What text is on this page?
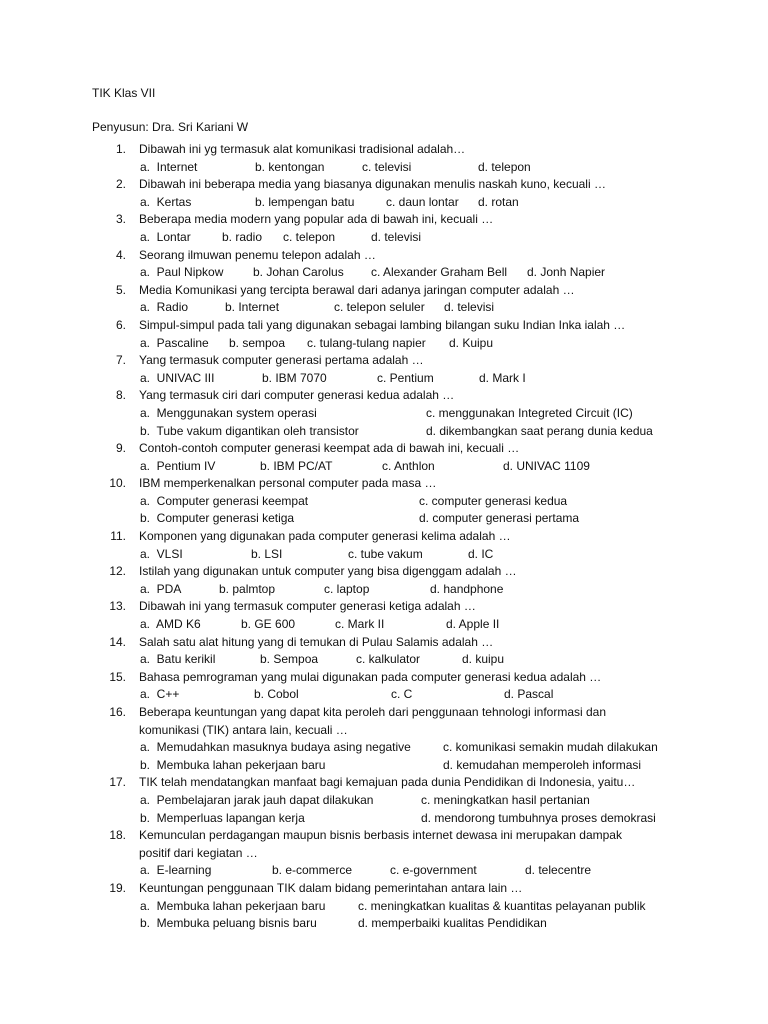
TIK Klas VII
Penyusun: Dra. Sri Kariani W
1. Dibawah ini yg termasuk alat komunikasi tradisional adalah…
a.  Internet	b. kentongan	c. televisi	d. telepon
2. Dibawah ini beberapa media yang biasanya digunakan menulis naskah kuno, kecuali …
a.  Kertas	b. lempengan batu	c. daun lontar d. rotan
3. Beberapa media modern yang popular ada di bawah ini, kecuali …
a.  Lontar	b. radio c. telepon	d. televisi
4. Seorang ilmuwan penemu telepon adalah …
a.  Paul Nipkow b. Johan Carolus c. Alexander Graham Bell d. Jonh Napier
5. Media Komunikasi yang tercipta berawal dari adanya jaringan computer adalah …
a.  Radio	b. Internet	c. telepon seluler d. televisi
6. Simpul-simpul pada tali yang digunakan sebagai lambing bilangan suku Indian Inka ialah …
a.  Pascaline b. sempoa c. tulang-tulang napier d. Kuipu
7. Yang termasuk computer generasi pertama adalah …
a.  UNIVAC III	b. IBM 7070	c. Pentium	d. Mark I
8. Yang termasuk ciri dari computer generasi kedua adalah …
a.  Menggunakan system operasi	c. menggunakan Integreted Circuit (IC)
b.  Tube vakum digantikan oleh transistor	d. dikembangkan saat perang dunia kedua
9. Contoh-contoh computer generasi keempat ada di bawah ini, kecuali …
a.  Pentium IV	b. IBM PC/AT	c. Anthlon	d. UNIVAC 1109
10. IBM memperkenalkan personal computer pada masa …
a.  Computer generasi keempat	c. computer generasi kedua
b.  Computer generasi ketiga	d. computer generasi pertama
11. Komponen yang digunakan pada computer generasi kelima adalah …
a.  VLSI	b. LSI	c. tube vakum	d. IC
12. Istilah yang digunakan untuk computer yang bisa digenggam adalah …
a.  PDA	b. palmtop	c. laptop	d. handphone
13. Dibawah ini yang termasuk computer generasi ketiga adalah …
a.  AMD K6	b. GE 600	c. Mark II	d. Apple II
14. Salah satu alat hitung yang di temukan di Pulau Salamis adalah …
a.  Batu kerikil	b. Sempoa	c. kalkulator	d. kuipu
15. Bahasa pemrograman yang mulai digunakan pada computer generasi kedua adalah …
a.  C++	b. Cobol	c. C	d. Pascal
16. Beberapa keuntungan yang dapat kita peroleh dari penggunaan tehnologi informasi dan
komunikasi (TIK) antara lain, kecuali …
a.  Memudahkan masuknya budaya asing negative	c. komunikasi semakin mudah dilakukan
b.  Membuka lahan pekerjaan baru	d. kemudahan memperoleh informasi
17. TIK telah mendatangkan manfaat bagi kemajuan pada dunia Pendidikan di Indonesia, yaitu…
a.  Pembelajaran jarak jauh dapat dilakukan	c. meningkatkan hasil pertanian
b.  Memperluas lapangan kerja	d. mendorong tumbuhnya proses demokrasi
18. Kemunculan perdagangan maupun bisnis berbasis internet dewasa ini merupakan dampak
positif dari kegiatan …
a.  E-learning	b. e-commerce	c. e-government	d. telecentre
19. Keuntungan penggunaan TIK dalam bidang pemerintahan antara lain …
a.  Membuka lahan pekerjaan baru	c. meningkatkan kualitas & kuantitas pelayanan publik
b.  Membuka peluang bisnis baru	d. memperbaiki kualitas Pendidikan
